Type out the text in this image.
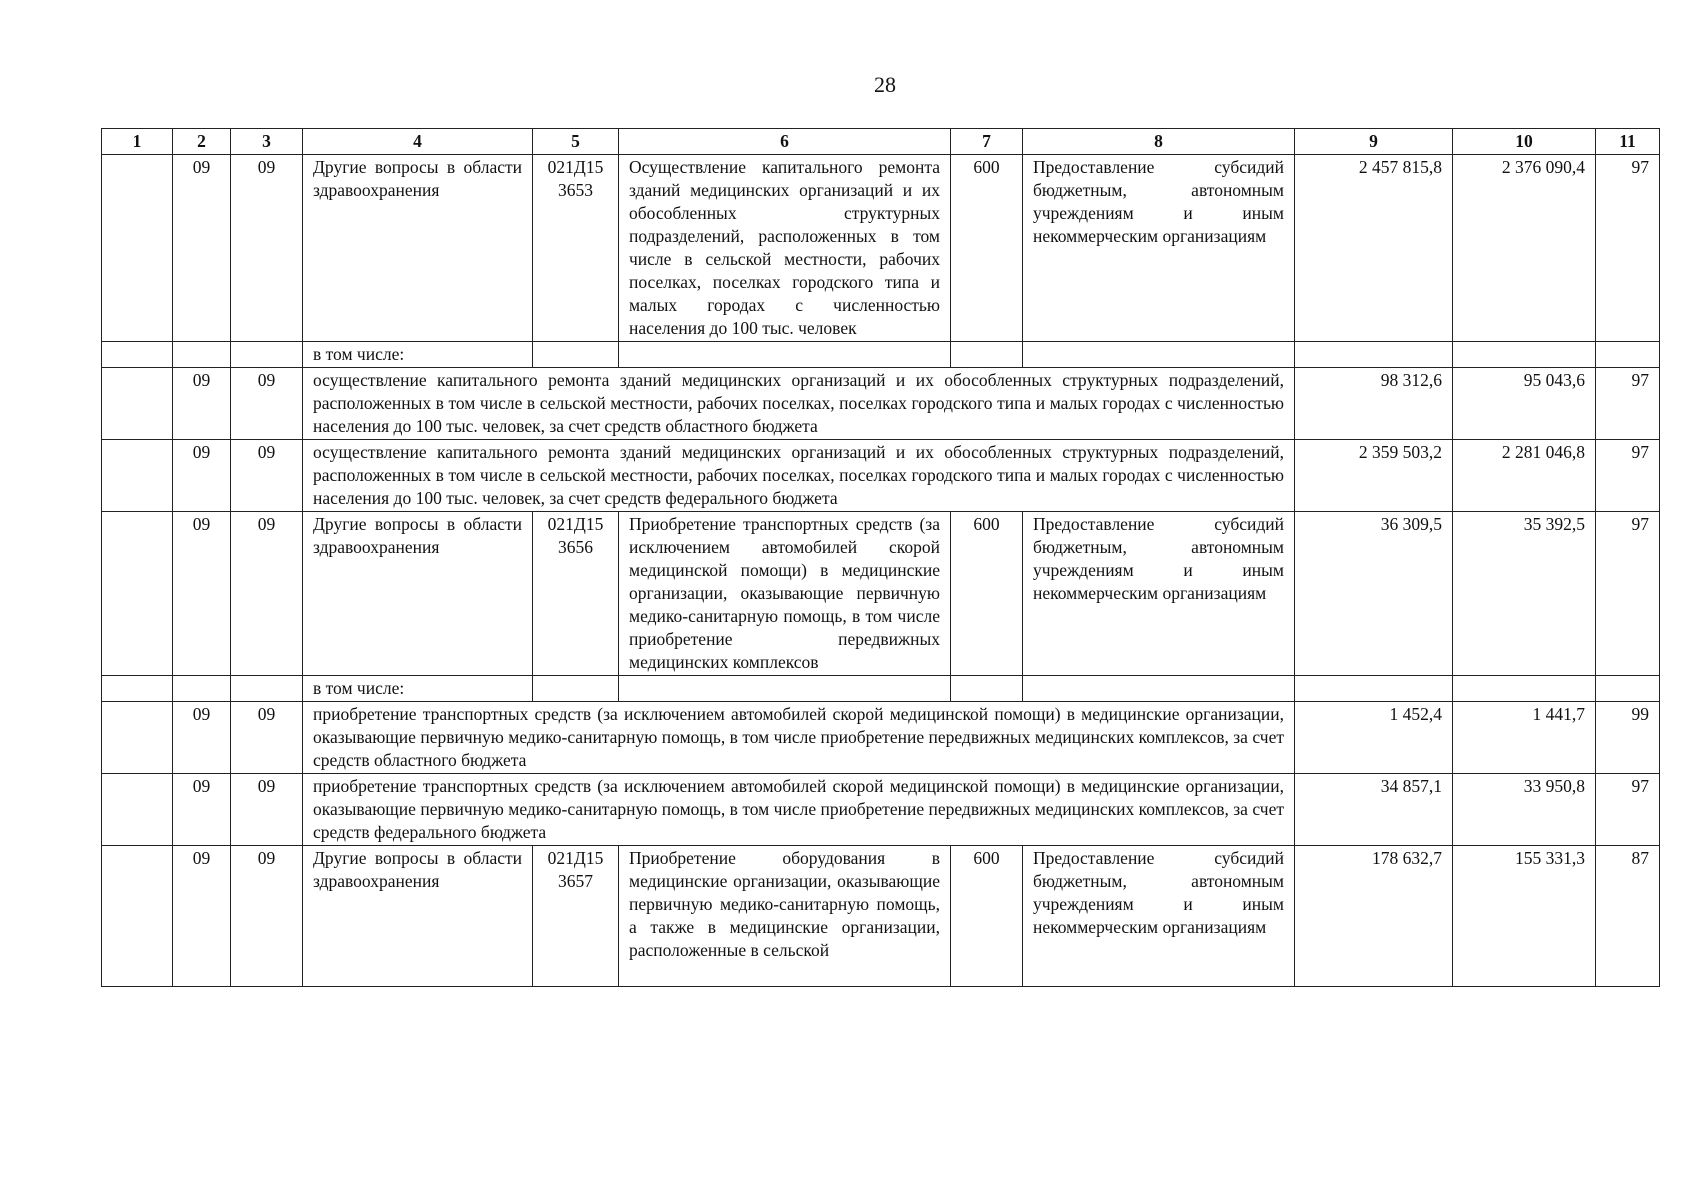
28
1	2	3	4	5	6	7	8	9	10	11
	09	09	Другие вопросы в области здравоохранения	021Д15 3653	Осуществление капитального ремонта зданий медицинских организаций и их обособленных структурных подразделений, расположенных в том числе в сельской местности, рабочих поселках, поселках городского типа и малых городах с численностью населения до 100 тыс. человек	600	Предоставление субсидий бюджетным, автономным учреждениям и иным некоммерческим организациям	2 457 815,8	2 376 090,4	97
			в том числе:							
	09	09	осуществление капитального ремонта зданий медицинских организаций и их обособленных структурных подразделений, расположенных в том числе в сельской местности, рабочих поселках, поселках городского типа и малых городах с численностью населения до 100 тыс. человек, за счет средств областного бюджета					98 312,6	95 043,6	97
	09	09	осуществление капитального ремонта зданий медицинских организаций и их обособленных структурных подразделений, расположенных в том числе в сельской местности, рабочих поселках, поселках городского типа и малых городах с численностью населения до 100 тыс. человек, за счет средств федерального бюджета					2 359 503,2	2 281 046,8	97
	09	09	Другие вопросы в области здравоохранения	021Д15 3656	Приобретение транспортных средств (за исключением автомобилей скорой медицинской помощи) в медицинские организации, оказывающие первичную медико-санитарную помощь, в том числе приобретение передвижных медицинских комплексов	600	Предоставление субсидий бюджетным, автономным учреждениям и иным некоммерческим организациям	36 309,5	35 392,5	97
			в том числе:							
	09	09	приобретение транспортных средств (за исключением автомобилей скорой медицинской помощи) в медицинские организации, оказывающие первичную медико-санитарную помощь, в том числе приобретение передвижных медицинских комплексов, за счет средств областного бюджета					1 452,4	1 441,7	99
	09	09	приобретение транспортных средств (за исключением автомобилей скорой медицинской помощи) в медицинские организации, оказывающие первичную медико-санитарную помощь, в том числе приобретение передвижных медицинских комплексов, за счет средств федерального бюджета					34 857,1	33 950,8	97
	09	09	Другие вопросы в области здравоохранения	021Д15 3657	Приобретение оборудования в медицинские организации, оказывающие первичную медико-санитарную помощь, а также в медицинские организации, расположенные в сельской	600	Предоставление субсидий бюджетным, автономным учреждениям и иным некоммерческим организациям	178 632,7	155 331,3	87
